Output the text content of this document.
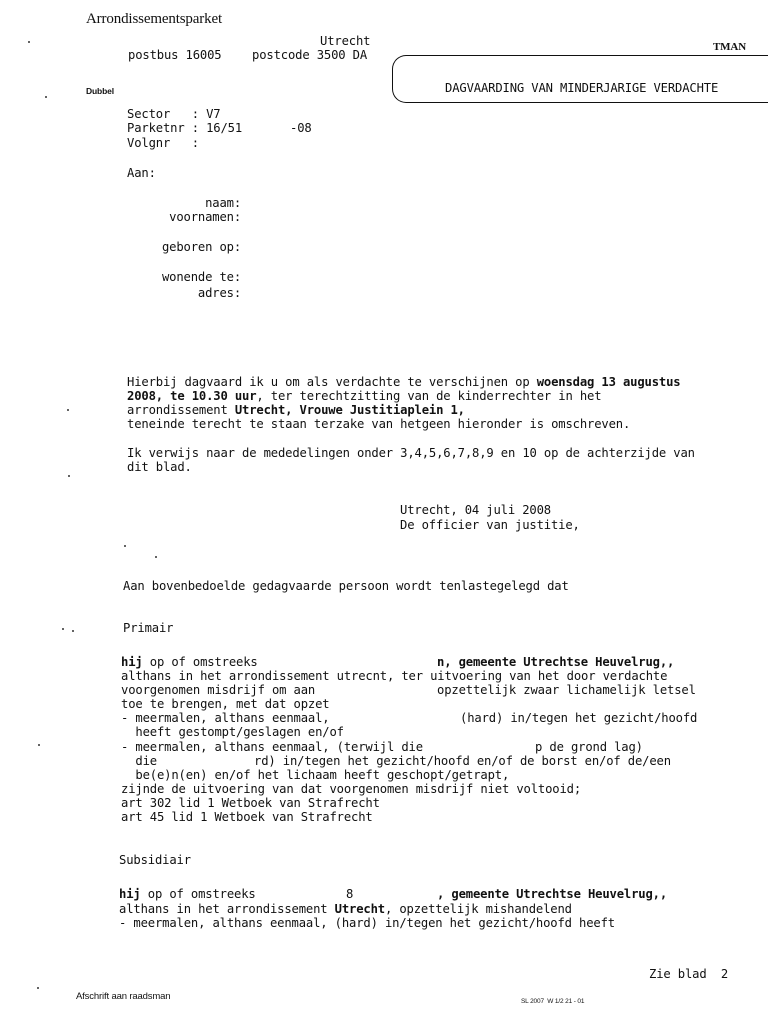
Arrondissementsparket
Utrecht
postbus 16005	postcode 3500 DA
TMAN
Dubbel	DAGVAARDING VAN MINDERJARIGE VERDACHTE
Sector   : V7
Parketnr : 16/51	-08
Volgnr   :
Aan:
naam:
voornamen:
geboren op:
wonende te:
adres:
Hierbij dagvaard ik u om als verdachte te verschijnen op woensdag 13 augustus
2008, te 10.30 uur, ter terechtzitting van de kinderrechter in het
arrondissement Utrecht, Vrouwe Justitiaplein 1,
teneinde terecht te staan terzake van hetgeen hieronder is omschreven.
Ik verwijs naar de mededelingen onder 3,4,5,6,7,8,9 en 10 op de achterzijde van
dit blad.
Utrecht, 04 juli 2008
De officier van justitie,
Aan bovenbedoelde gedagvaarde persoon wordt tenlastegelegd dat
Primair
hij op of omstreeks	n, gemeente Utrechtse Heuvelrug,,
althans in het arrondissement utrecnt, ter uitvoering van het door verdachte
voorgenomen misdrijf om aan	opzettelijk zwaar lichamelijk letsel
toe te brengen, met dat opzet
- meermalen, althans eenmaal,	(hard) in/tegen het gezicht/hoofd
heeft gestompt/geslagen en/of
- meermalen, althans eenmaal, (terwijl die	p de grond lag)
die	rd) in/tegen het gezicht/hoofd en/of de borst en/of de/een
be(e)n(en) en/of het lichaam heeft geschopt/getrapt,
zijnde de uitvoering van dat voorgenomen misdrijf niet voltooid;
art 302 lid 1 Wetboek van Strafrecht
art 45 lid 1 Wetboek van Strafrecht
Subsidiair
hij op of omstreeks	8	, gemeente Utrechtse Heuvelrug,,
althans in het arrondissement Utrecht, opzettelijk mishandelend
- meermalen, althans eenmaal, (hard) in/tegen het gezicht/hoofd heeft
Zie blad  2
Afschrift aan raadsman	SL 2007  W 1/2 21 - 01
